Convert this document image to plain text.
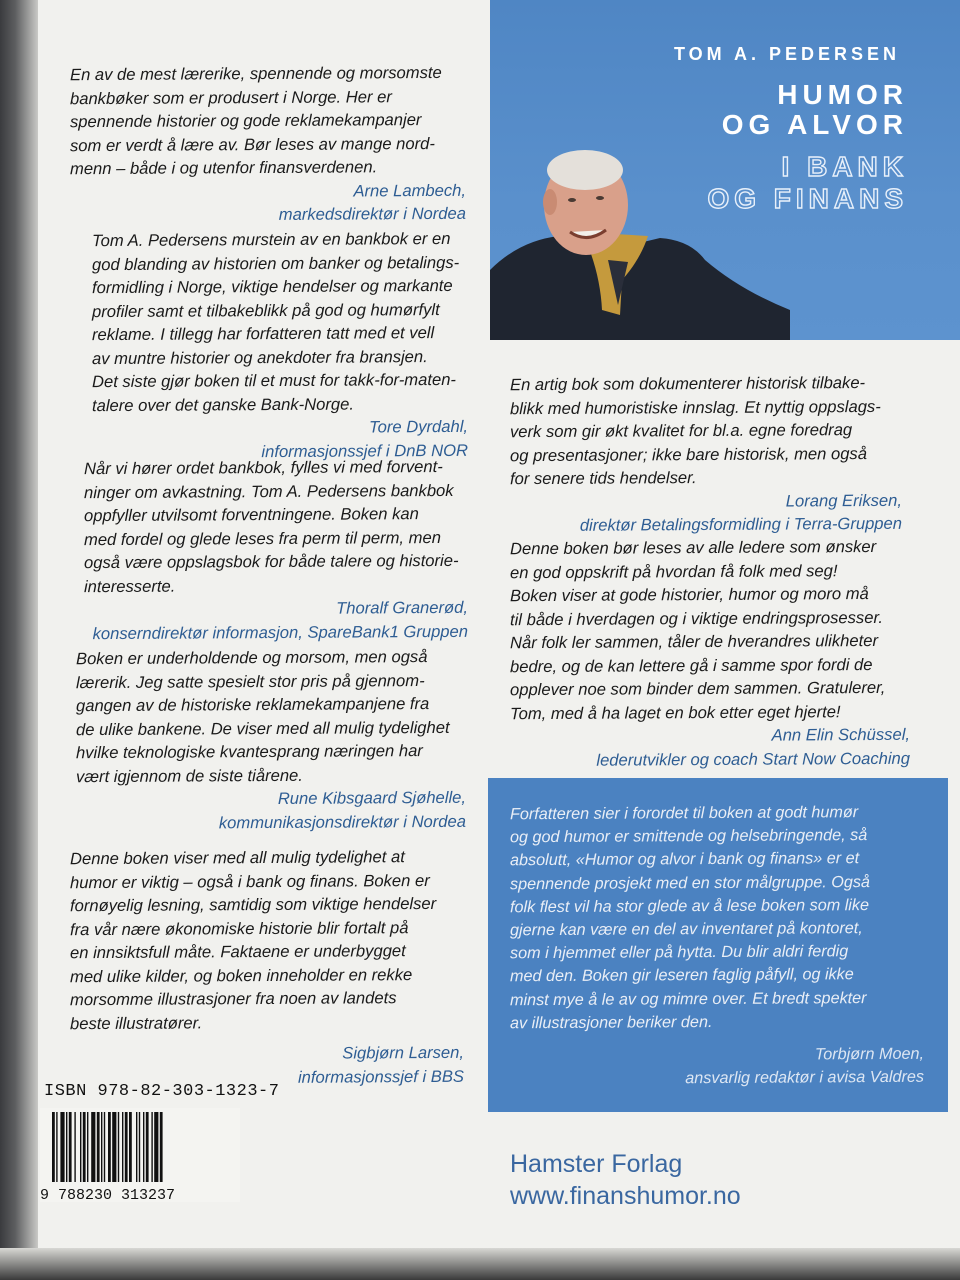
En av de mest lærerike, spennende og morsomste

bankbøker som er produsert i Norge. Her er

spennende historier og gode reklamekampanjer

som er verdt å lære av. Bør leses av mange nord-

menn – både i og utenfor finansverdenen.

Arne Lambech,

markedsdirektør i Nordea

Tom A. Pedersens murstein av en bankbok er en

god blanding av historien om banker og betalings-

formidling i Norge, viktige hendelser og markante

profiler samt et tilbakeblikk på god og humørfylt

reklame. I tillegg har forfatteren tatt med et vell

av muntre historier og anekdoter fra bransjen.

Det siste gjør boken til et must for takk-for-maten-

talere over det ganske Bank-Norge.

Tore Dyrdahl,

informasjonssjef i DnB NOR

Når vi hører ordet bankbok, fylles vi med forvent-

ninger om avkastning. Tom A. Pedersens bankbok

oppfyller utvilsomt forventningene. Boken kan

med fordel og glede leses fra perm til perm, men

også være oppslagsbok for både talere og historie-

interesserte.

Thoralf Granerød,

konserndirektør informasjon, SpareBank1 Gruppen

Boken er underholdende og morsom, men også

lærerik. Jeg satte spesielt stor pris på gjennom-

gangen av de historiske reklamekampanjene fra

de ulike bankene. De viser med all mulig tydelighet

hvilke teknologiske kvantesprang næringen har

vært igjennom de siste tiårene.

Rune Kibsgaard Sjøhelle,

kommunikasjonsdirektør i Nordea

Denne boken viser med all mulig tydelighet at

humor er viktig – også i bank og finans. Boken er

fornøyelig lesning, samtidig som viktige hendelser

fra vår nære økonomiske historie blir fortalt på

en innsiktsfull måte. Faktaene er underbygget

med ulike kilder, og boken inneholder en rekke

morsomme illustrasjoner fra noen av landets

beste illustratører.

Sigbjørn Larsen,

informasjonssjef i BBS

ISBN 978-82-303-1323-7
9 788230 313237
TOM A. PEDERSEN
HUMOR
OG ALVOR
I BANK
OG FINANS

En artig bok som dokumenterer historisk tilbake-

blikk med humoristiske innslag. Et nyttig oppslags-

verk som gir økt kvalitet for bl.a. egne foredrag

og presentasjoner; ikke bare historisk, men også

for senere tids hendelser.

Lorang Eriksen,

direktør Betalingsformidling i Terra-Gruppen

Denne boken bør leses av alle ledere som ønsker

en god oppskrift på hvordan få folk med seg!

Boken viser at gode historier, humor og moro må

til både i hverdagen og i viktige endringsprosesser.

Når folk ler sammen, tåler de hverandres ulikheter

bedre, og de kan lettere gå i samme spor fordi de

opplever noe som binder dem sammen. Gratulerer,

Tom, med å ha laget en bok etter eget hjerte!

Ann Elin Schüssel,

lederutvikler og coach Start Now Coaching

Forfatteren sier i forordet til boken at godt humør

og god humor er smittende og helsebringende, så

absolutt, «Humor og alvor i bank og finans» er et

spennende prosjekt med en stor målgruppe. Også

folk flest vil ha stor glede av å lese boken som like

gjerne kan være en del av inventaret på kontoret,

som i hjemmet eller på hytta. Du blir aldri ferdig

med den. Boken gir leseren faglig påfyll, og ikke

minst mye å le av og mimre over. Et bredt spekter

av illustrasjoner beriker den.

Torbjørn Moen,

ansvarlig redaktør i avisa Valdres

Hamster Forlag
www.finanshumor.no
